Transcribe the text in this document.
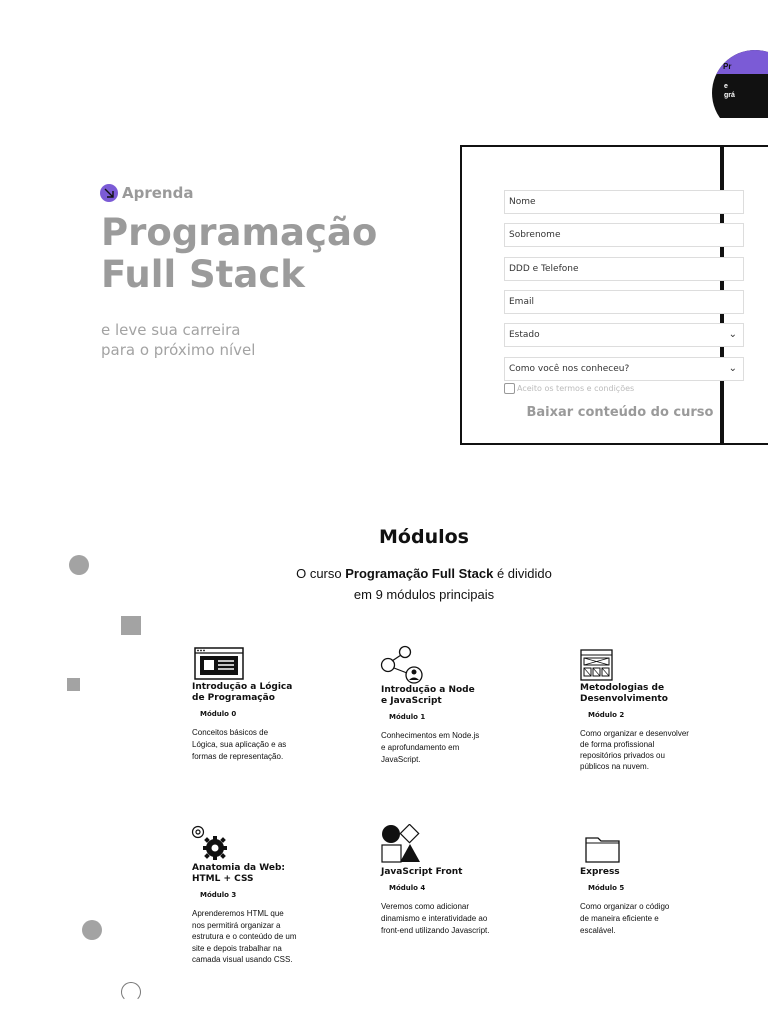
Pr
e
grá
Aprenda
Programação
Full Stack
e leve sua carreira
para o próximo nível
Nome
Sobrenome
DDD e Telefone
Email
Estado	⌄
Como você nos conheceu?	⌄
Aceito os termos e condições
Baixar conteúdo do curso
Módulos
O curso Programação Full Stack é dividido
em 9 módulos principais
Introdução a Lógica
de Programação
Módulo 0
Conceitos básicos de
Lógica, sua aplicação e as
formas de representação.
Introdução a Node
e JavaScript
Módulo 1
Conhecimentos em Node.js
e aprofundamento em
JavaScript.
Metodologias de
Desenvolvimento
Módulo 2
Como organizar e desenvolver
de forma profissional
repositórios privados ou
públicos na nuvem.
Anatomia da Web:
HTML + CSS
Módulo 3
Aprenderemos HTML que
nos permitirá organizar a
estrutura e o conteúdo de um
site e depois trabalhar na
camada visual usando CSS.
JavaScript Front
Módulo 4
Veremos como adicionar
dinamismo e interatividade ao
front-end utilizando Javascript.
Express
Módulo 5
Como organizar o código
de maneira eficiente e
escalável.
